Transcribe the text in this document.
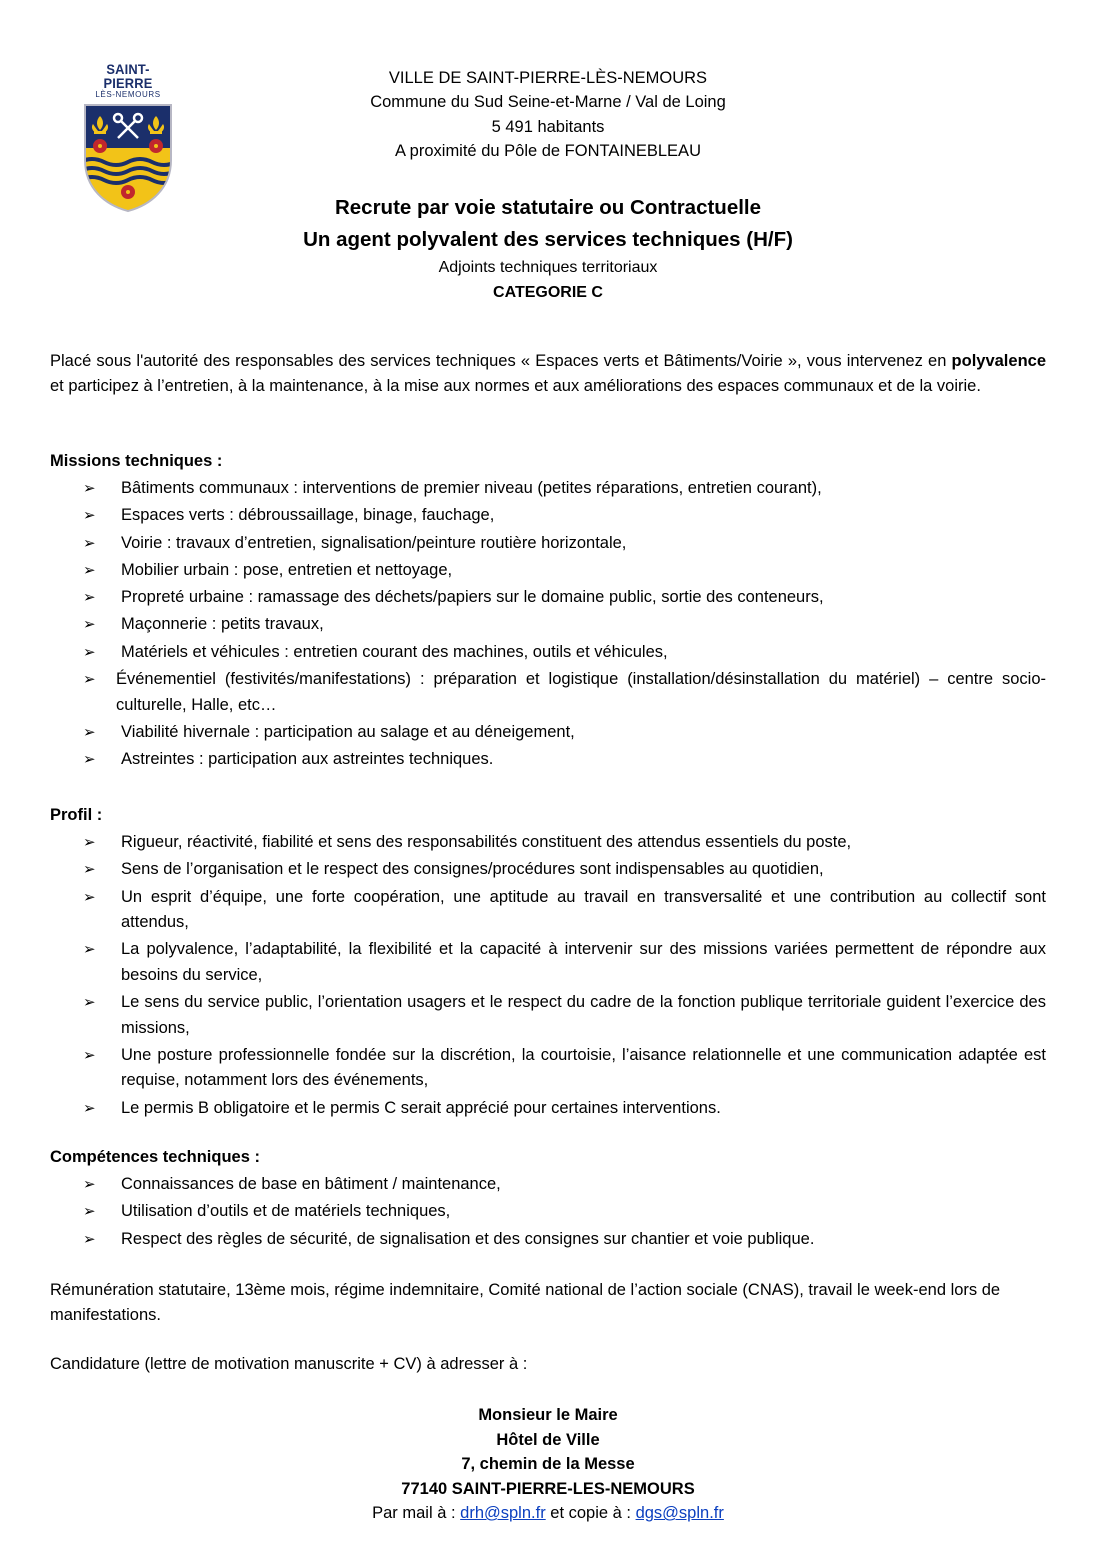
SAINT-PIERRE
LÈS-NEMOURS
VILLE DE SAINT-PIERRE-LÈS-NEMOURS
Commune du Sud Seine-et-Marne / Val de Loing
5 491 habitants
A proximité du Pôle de FONTAINEBLEAU
Recrute par voie statutaire ou Contractuelle
Un agent polyvalent des services techniques (H/F)
Adjoints techniques territoriaux
CATEGORIE C
Placé sous l'autorité des responsables des services techniques « Espaces verts et Bâtiments/Voirie », vous intervenez en polyvalence et participez à l’entretien, à la maintenance, à la mise aux normes et aux améliorations des espaces communaux et de la voirie.
Missions techniques :
➢ Bâtiments communaux : interventions de premier niveau (petites réparations, entretien courant),
➢ Espaces verts : débroussaillage, binage, fauchage,
➢ Voirie : travaux d’entretien, signalisation/peinture routière horizontale,
➢ Mobilier urbain : pose, entretien et nettoyage,
➢ Propreté urbaine : ramassage des déchets/papiers sur le domaine public, sortie des conteneurs,
➢ Maçonnerie : petits travaux,
➢ Matériels et véhicules : entretien courant des machines, outils et véhicules,
➢ Événementiel (festivités/manifestations) : préparation et logistique (installation/désinstallation du matériel) – centre socio-culturelle, Halle, etc…
➢ Viabilité hivernale : participation au salage et au déneigement,
➢ Astreintes : participation aux astreintes techniques.
Profil :
➢ Rigueur, réactivité, fiabilité et sens des responsabilités constituent des attendus essentiels du poste,
➢ Sens de l’organisation et le respect des consignes/procédures sont indispensables au quotidien,
➢ Un esprit d’équipe, une forte coopération, une aptitude au travail en transversalité et une contribution au collectif sont attendus,
➢ La polyvalence, l’adaptabilité, la flexibilité et la capacité à intervenir sur des missions variées permettent de répondre aux besoins du service,
➢ Le sens du service public, l’orientation usagers et le respect du cadre de la fonction publique territoriale guident l’exercice des missions,
➢ Une posture professionnelle fondée sur la discrétion, la courtoisie, l’aisance relationnelle et une communication adaptée est requise, notamment lors des événements,
➢ Le permis B obligatoire et le permis C serait apprécié pour certaines interventions.
Compétences techniques :
➢ Connaissances de base en bâtiment / maintenance,
➢ Utilisation d’outils et de matériels techniques,
➢ Respect des règles de sécurité, de signalisation et des consignes sur chantier et voie publique.
Rémunération statutaire, 13ème mois, régime indemnitaire, Comité national de l’action sociale (CNAS), travail le week-end lors de manifestations.
Candidature (lettre de motivation manuscrite + CV) à adresser à :
Monsieur le Maire
Hôtel de Ville
7, chemin de la Messe
77140 SAINT-PIERRE-LES-NEMOURS
Par mail à : drh@spln.fr et copie à : dgs@spln.fr
